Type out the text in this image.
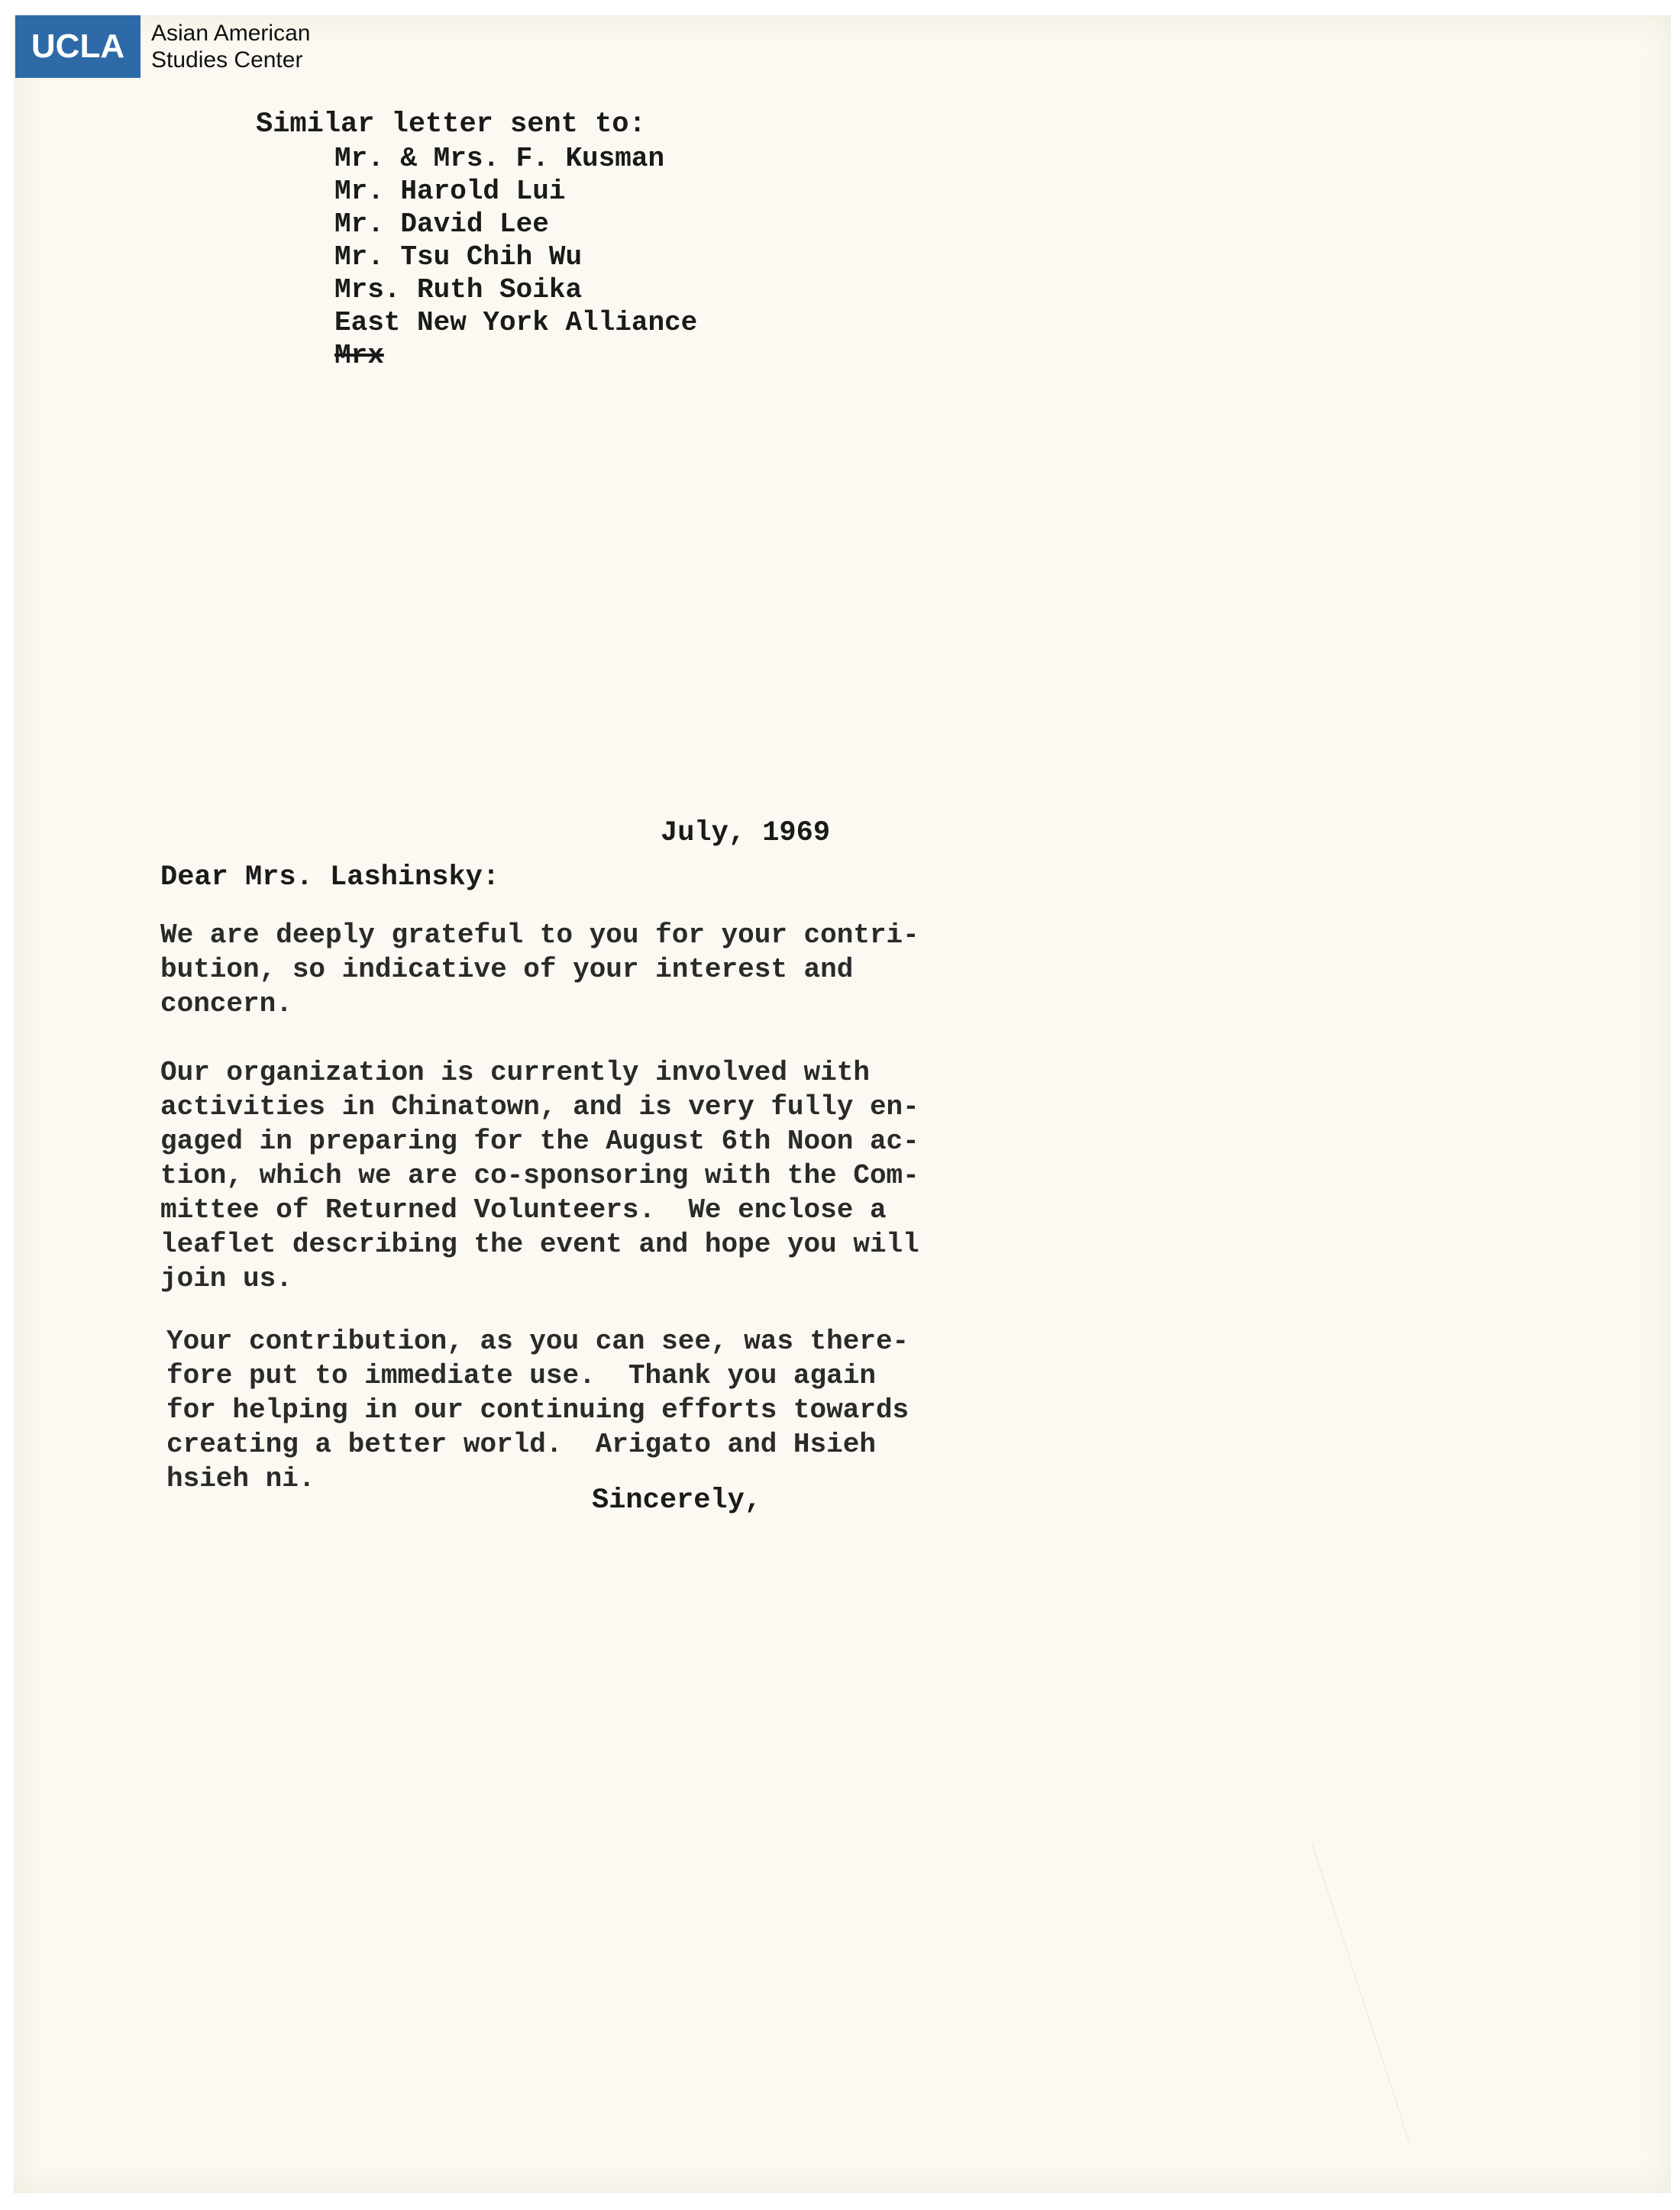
UCLA	Asian American
Studies Center
Similar letter sent to:
Mr. & Mrs. F. Kusman
Mr. Harold Lui
Mr. David Lee
Mr. Tsu Chih Wu
Mrs. Ruth Soika
East New York Alliance
Mrx
July, 1969
Dear Mrs. Lashinsky:

We are deeply grateful to you for your contri-
bution, so indicative of your interest and
concern.

Our organization is currently involved with
activities in Chinatown, and is very fully en-
gaged in preparing for the August 6th Noon ac-
tion, which we are co-sponsoring with the Com-
mittee of Returned Volunteers.  We enclose a
leaflet describing the event and hope you will
join us.

Your contribution, as you can see, was there-
fore put to immediate use.  Thank you again
for helping in our continuing efforts towards
creating a better world.  Arigato and Hsieh
hsieh ni.

Sincerely,
